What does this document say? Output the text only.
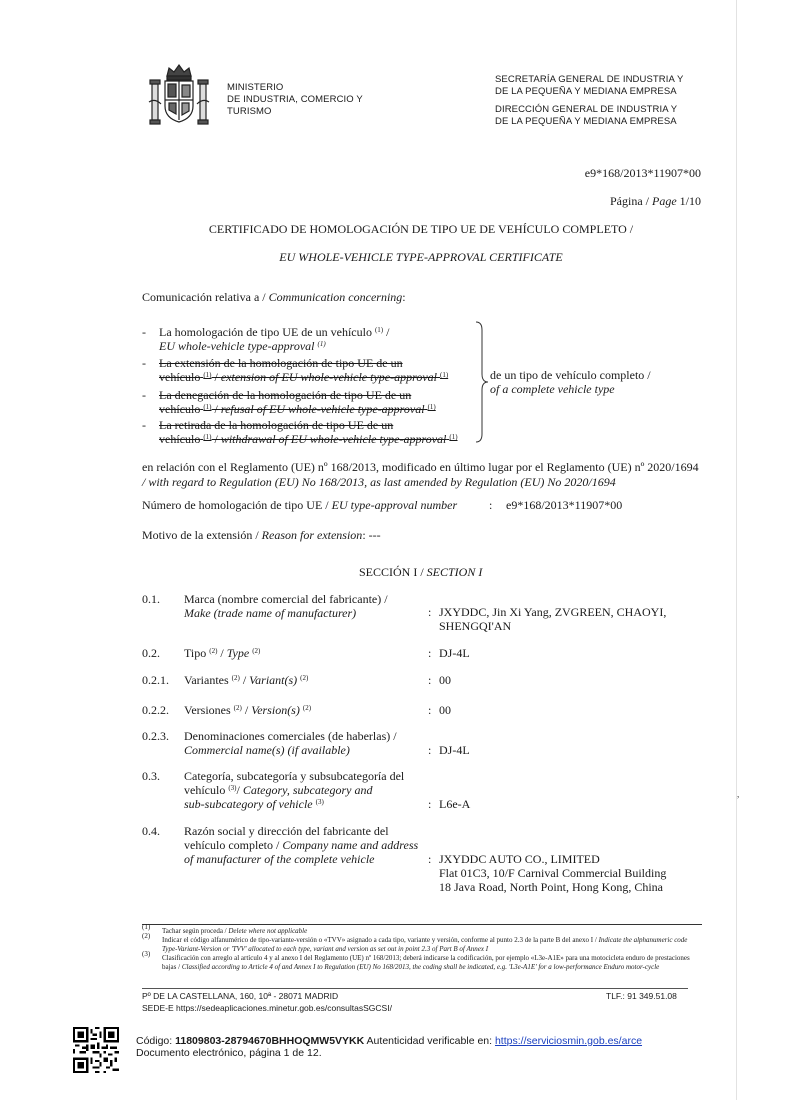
MINISTERIO
DE INDUSTRIA, COMERCIO Y
TURISMO
SECRETARÍA GENERAL DE INDUSTRIA Y
DE LA PEQUEÑA Y MEDIANA EMPRESA
DIRECCIÓN GENERAL DE INDUSTRIA Y
DE LA PEQUEÑA Y MEDIANA EMPRESA
e9*168/2013*11907*00
Página / Page 1/10
CERTIFICADO DE HOMOLOGACIÓN DE TIPO UE DE VEHÍCULO COMPLETO /
EU WHOLE-VEHICLE TYPE-APPROVAL CERTIFICATE
Comunicación relativa a / Communication concerning:
- La homologación de tipo UE de un vehículo $^{(1)}$ /
EU whole-vehicle type-approval $^{(1)}$
- La extensión de la homologación de tipo UE de un
vehículo $^{(1)}$ / extension of EU whole-vehicle type-approval $^{(1)}$
- La denegación de la homologación de tipo UE de un
vehículo $^{(1)}$ / refusal of EU whole-vehicle type-approval $^{(1)}$
- La retirada de la homologación de tipo UE de un
vehículo $^{(1)}$ / withdrawal of EU whole-vehicle type-approval $^{(1)}$
de un tipo de vehículo completo /
of a complete vehicle type
en relación con el Reglamento (UE) nº 168/2013, modificado en último lugar por el Reglamento (UE) nº 2020/1694
/ with regard to Regulation (EU) No 168/2013, as last amended by Regulation (EU) No 2020/1694
Número de homologación de tipo UE / EU type-approval number	: e9*168/2013*11907*00
Motivo de la extensión / Reason for extension: ---
SECCIÓN I / SECTION I
0.1. Marca (nombre comercial del fabricante) /
Make (trade name of manufacturer)	: JXYDDC, Jin Xi Yang, ZVGREEN, CHAOYI,
SHENGQI'AN
0.2. Tipo $^{(2)}$ / Type $^{(2)}$	: DJ-4L
0.2.1. Variantes $^{(2)}$ / Variant(s) $^{(2)}$	: 00
0.2.2. Versiones $^{(2)}$ / Version(s) $^{(2)}$	: 00
0.2.3. Denominaciones comerciales (de haberlas) /
Commercial name(s) (if available)	: DJ-4L
0.3. Categoría, subcategoría y subsubcategoría del
vehículo $^{(3)}$/ Category, subcategory and
sub-subcategory of vehicle $^{(3)}$	: L6e-A
0.4. Razón social y dirección del fabricante del
vehículo completo / Company name and address
of manufacturer of the complete vehicle	: JXYDDC AUTO CO., LIMITED
Flat 01C3, 10/F Carnival Commercial Building
18 Java Road, North Point, Hong Kong, China
$^{(1)}$	Tachar según proceda / Delete where not applicable
$^{(2)}$	Indicar el código alfanumérico de tipo-variante-versión o «TVV» asignado a cada tipo, variante y versión, conforme al punto 2.3 de la parte B del anexo I / Indicate the alphanumeric code Type-Variant-Version or 'TVV' allocated to each type, variant and version as set out in point 2.3 of Part B of Annex I
$^{(3)}$	Clasificación con arreglo al artículo 4 y al anexo I del Reglamento (UE) nº 168/2013; deberá indicarse la codificación, por ejemplo «L3e-A1E» para una motocicleta enduro de prestaciones bajas / Classified according to Article 4 of and Annex I to Regulation (EU) No 168/2013, the coding shall be indicated, e.g. 'L3e-A1E' for a low-performance Enduro motor-cycle
Pº DE LA CASTELLANA, 160, 10ª - 28071 MADRID	TLF.: 91 349.51.08
SEDE-E https://sedeaplicaciones.minetur.gob.es/consultasSGCSI/
Código: 11809803-28794670BHHOQMW5VYKK Autenticidad verificable en: https://serviciosmin.gob.es/arce
Documento electrónico, página 1 de 12.
,
